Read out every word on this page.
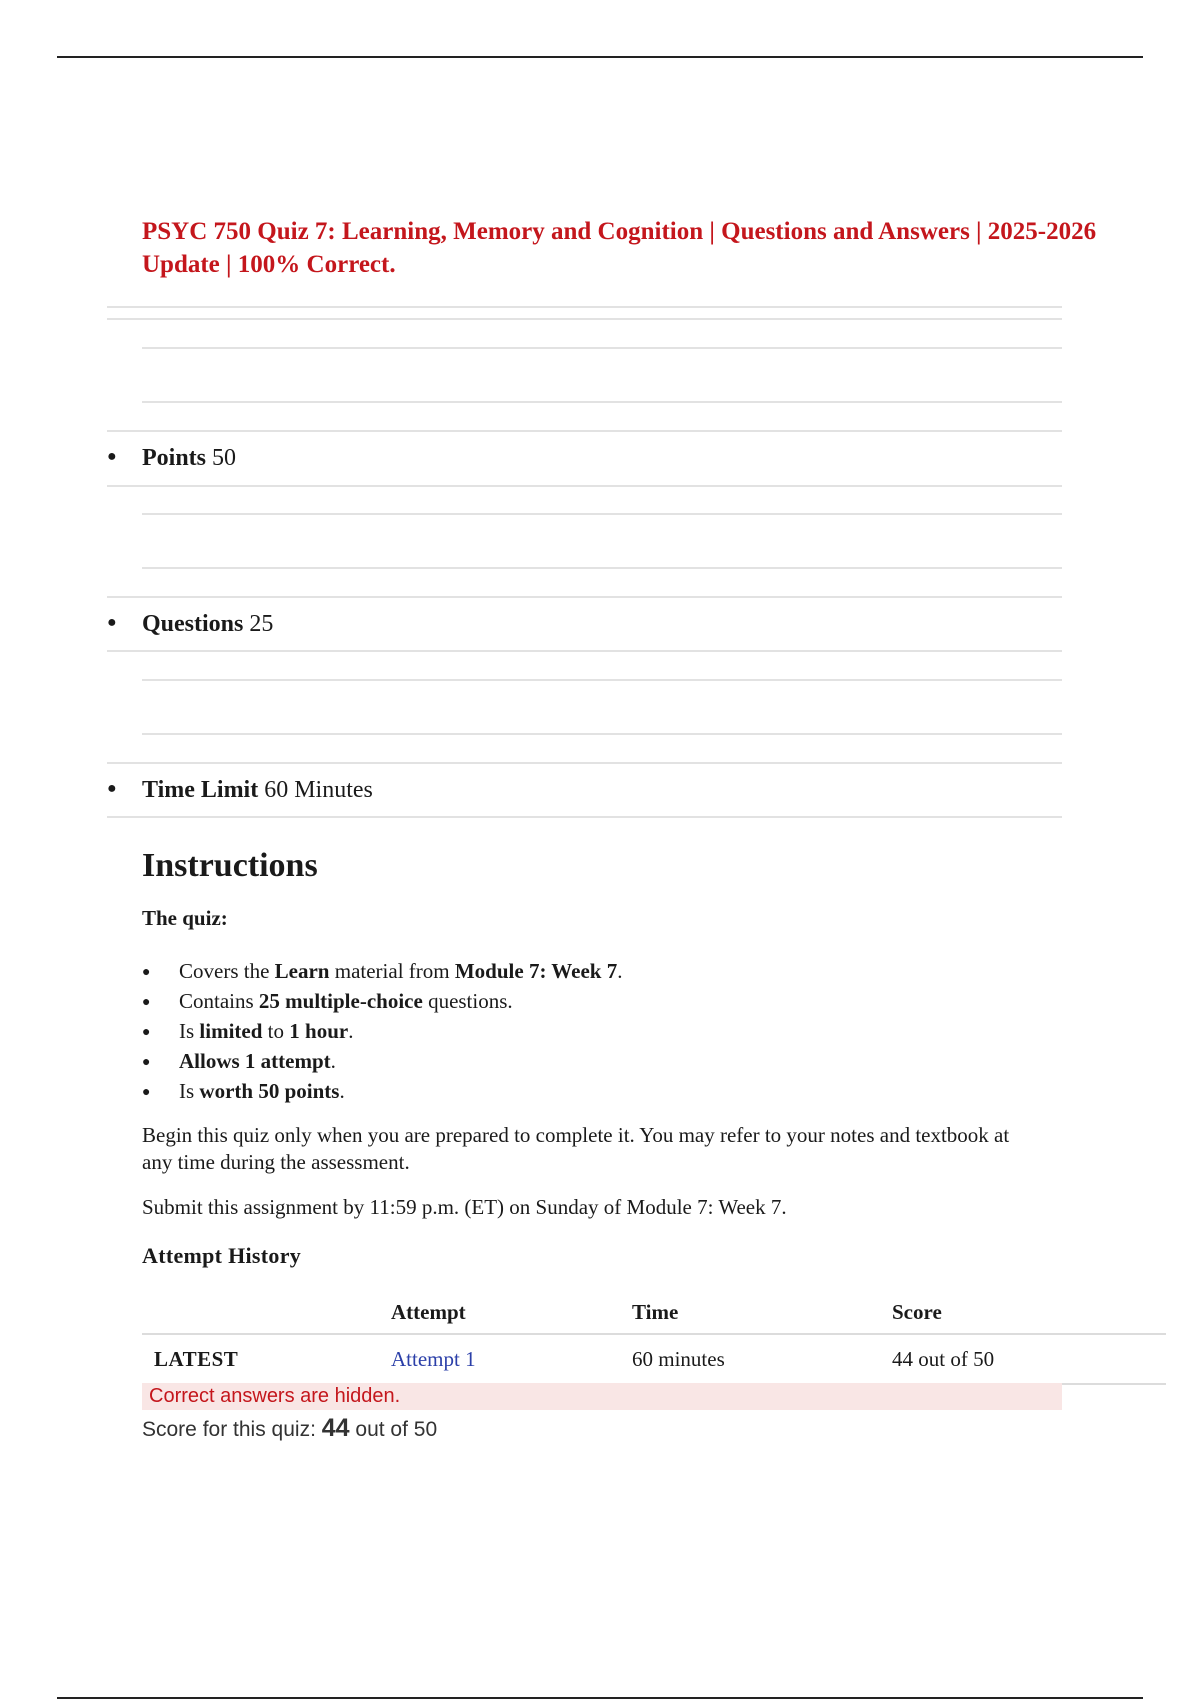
PSYC 750 Quiz 7: Learning, Memory and Cognition | Questions and Answers | 2025-2026 Update | 100% Correct.
● Points 50
● Questions 25
● Time Limit 60 Minutes
Instructions

The quiz:

● Covers the Learn material from Module 7: Week 7.
● Contains 25 multiple-choice questions.
● Is limited to 1 hour.
● Allows 1 attempt.
● Is worth 50 points.

Begin this quiz only when you are prepared to complete it. You may refer to your notes and textbook at any time during the assessment.

Submit this assignment by 11:59 p.m. (ET) on Sunday of Module 7: Week 7.

Attempt History
	Attempt	Time	Score
LATEST	Attempt 1	60 minutes	44 out of 50
Correct answers are hidden.
Score for this quiz: 44 out of 50
